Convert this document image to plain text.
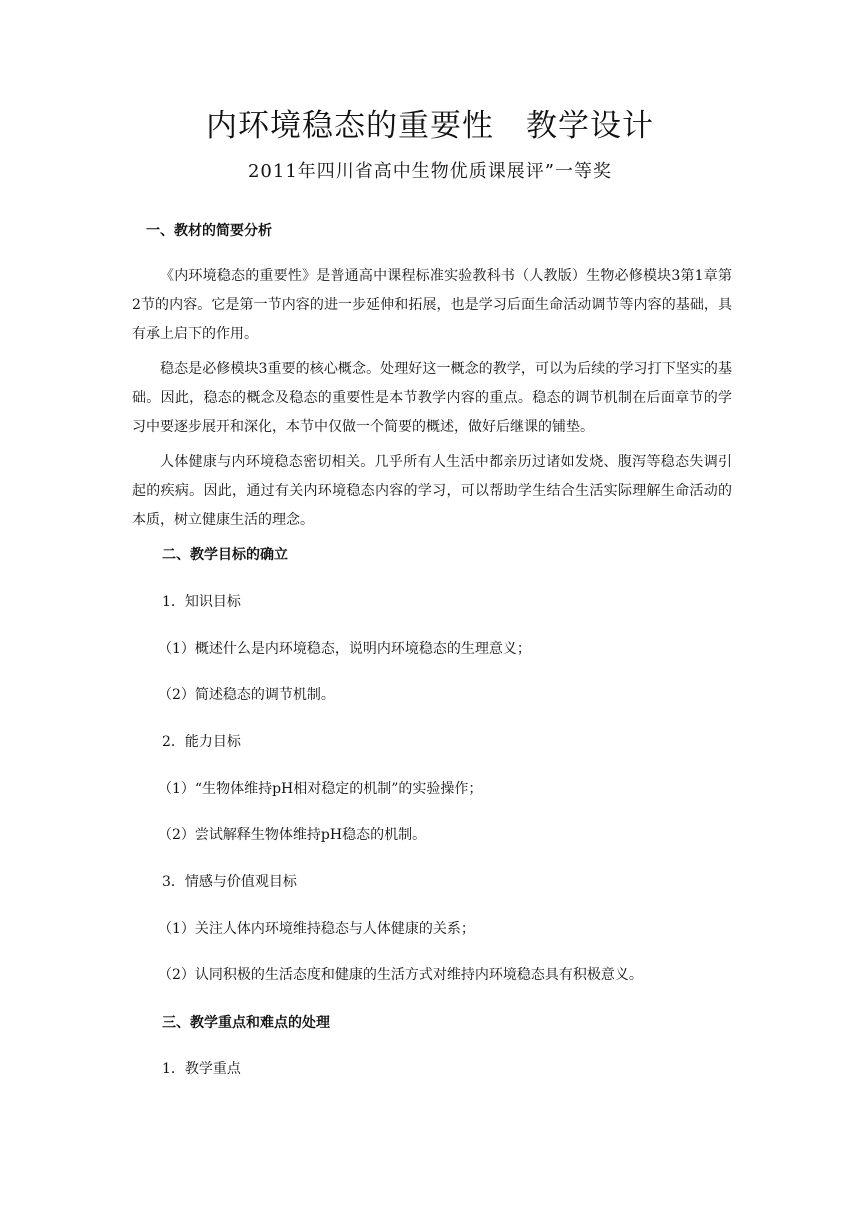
内环境稳态的重要性　教学设计
2011年四川省高中生物优质课展评”一等奖
一、教材的简要分析

《内环境稳态的重要性》是普通高中课程标准实验教科书（人教版）生物必修模块3第1章第2节的内容。它是第一节内容的进一步延伸和拓展，也是学习后面生命活动调节等内容的基础，具有承上启下的作用。

稳态是必修模块3重要的核心概念。处理好这一概念的教学，可以为后续的学习打下坚实的基础。因此，稳态的概念及稳态的重要性是本节教学内容的重点。稳态的调节机制在后面章节的学习中要逐步展开和深化，本节中仅做一个简要的概述，做好后继课的铺垫。

人体健康与内环境稳态密切相关。几乎所有人生活中都亲历过诸如发烧、腹泻等稳态失调引起的疾病。因此，通过有关内环境稳态内容的学习，可以帮助学生结合生活实际理解生命活动的本质，树立健康生活的理念。

二、教学目标的确立
1．知识目标
（1）概述什么是内环境稳态，说明内环境稳态的生理意义；
（2）简述稳态的调节机制。
2．能力目标
（1）“生物体维持pH相对稳定的机制”的实验操作；
（2）尝试解释生物体维持pH稳态的机制。
3．情感与价值观目标
（1）关注人体内环境维持稳态与人体健康的关系；
（2）认同积极的生活态度和健康的生活方式对维持内环境稳态具有积极意义。
三、教学重点和难点的处理
1．教学重点
